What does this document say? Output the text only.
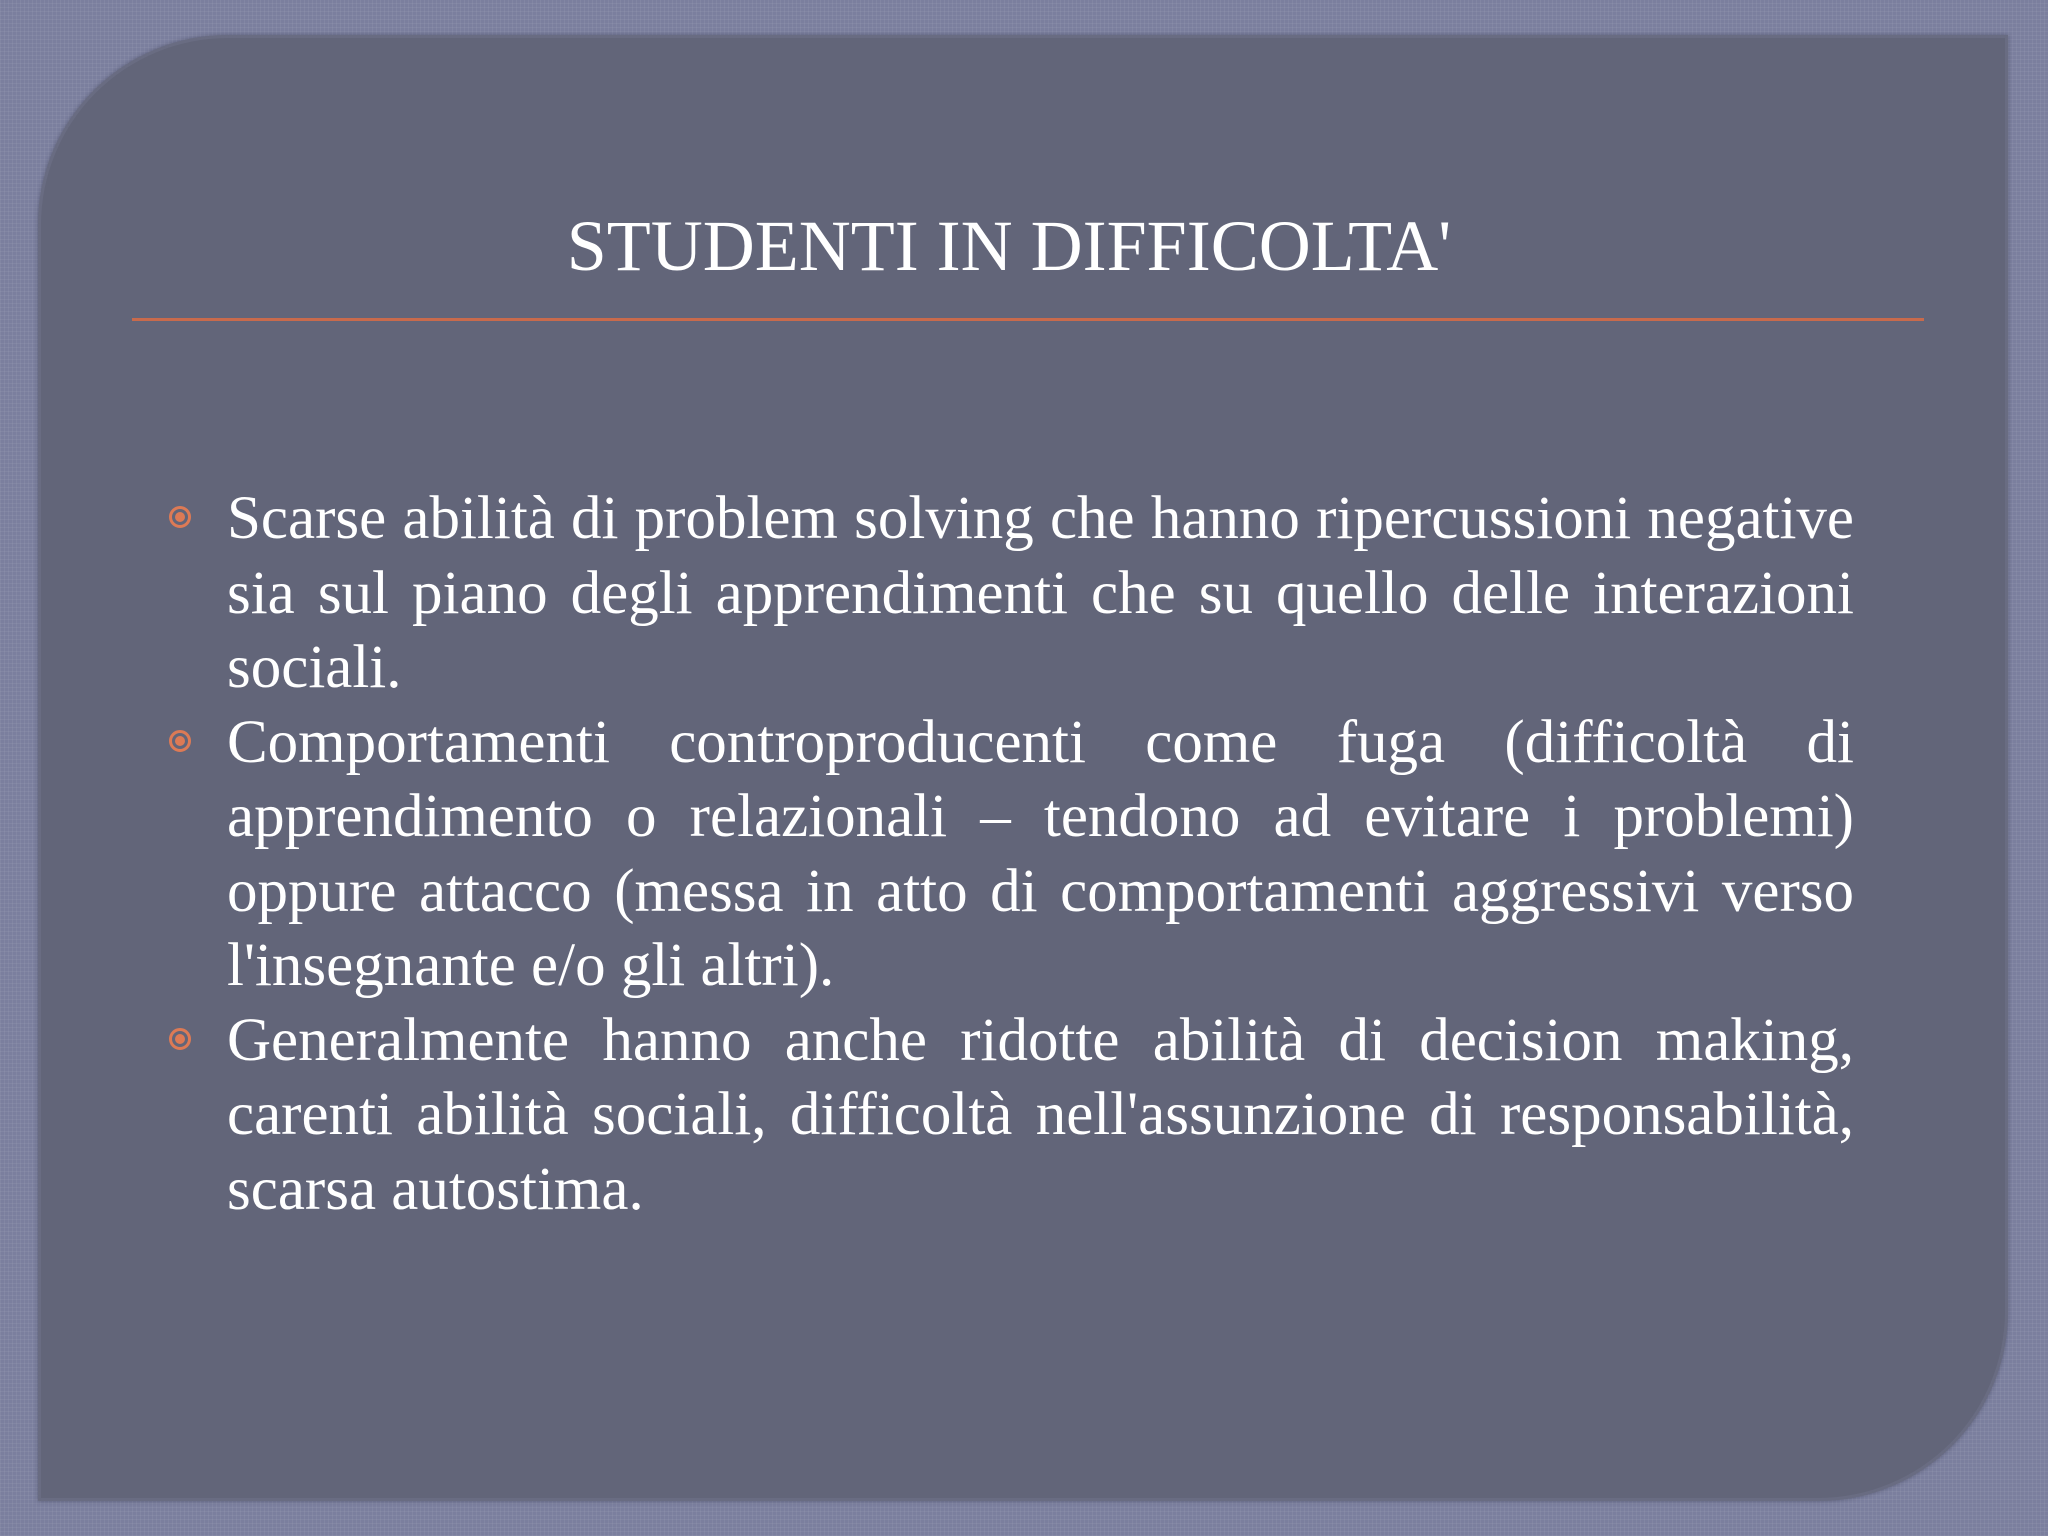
STUDENTI IN DIFFICOLTA'
Scarse abilità di problem solving che hanno ripercussioni negative sia sul piano degli apprendimenti che su quello delle interazioni sociali.
Comportamenti controproducenti come fuga (difficoltà di apprendimento o relazionali – tendono ad evitare i problemi) oppure attacco (messa in atto di comportamenti aggressivi verso l'insegnante e/o gli altri).
Generalmente hanno anche ridotte abilità di decision making, carenti abilità sociali, difficoltà nell'assunzione di responsabilità, scarsa autostima.
